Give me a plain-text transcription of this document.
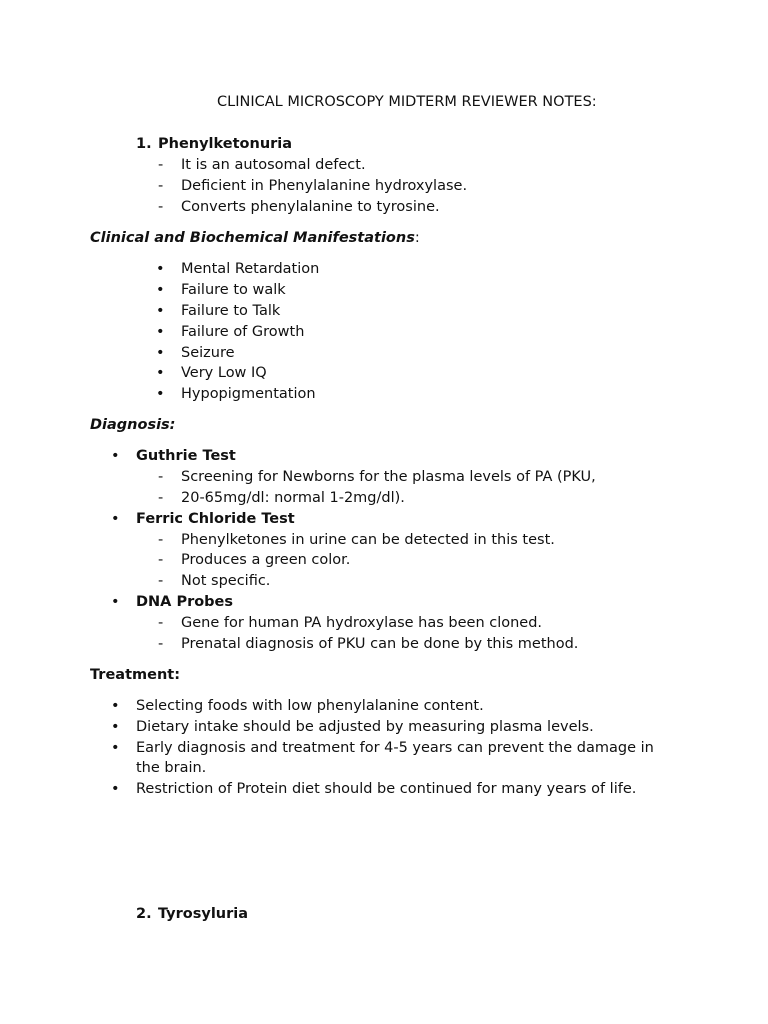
CLINICAL MICROSCOPY MIDTERM REVIEWER NOTES:
1. Phenylketonuria
- It is an autosomal defect.
- Deficient in Phenylalanine hydroxylase.
- Converts phenylalanine to tyrosine.
Clinical and Biochemical Manifestations:
• Mental Retardation
• Failure to walk
• Failure to Talk
• Failure of Growth
• Seizure
• Very Low IQ
• Hypopigmentation
Diagnosis:
• Guthrie Test
- Screening for Newborns for the plasma levels of PA (PKU,
- 20-65mg/dl: normal 1-2mg/dl).
• Ferric Chloride Test
- Phenylketones in urine can be detected in this test.
- Produces a green color.
- Not specific.
• DNA Probes
- Gene for human PA hydroxylase has been cloned.
- Prenatal diagnosis of PKU can be done by this method.
Treatment:
• Selecting foods with low phenylalanine content.
• Dietary intake should be adjusted by measuring plasma levels.
• Early diagnosis and treatment for 4-5 years can prevent the damage in
the brain.
• Restriction of Protein diet should be continued for many years of life.
2. Tyrosyluria
